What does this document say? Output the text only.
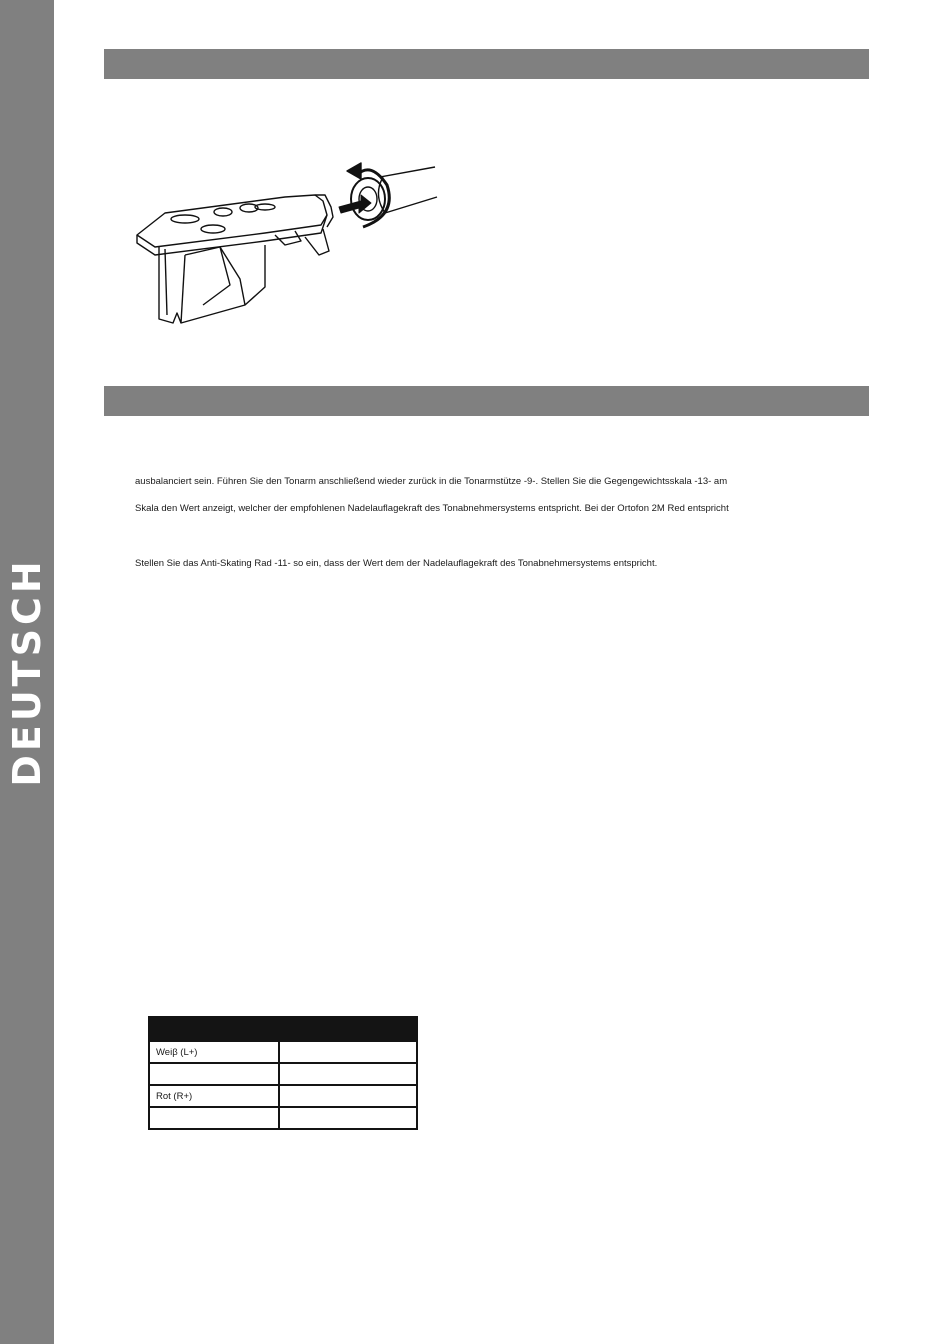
DEUTSCH

ausbalanciert sein. Führen Sie den Tonarm anschließend wieder zurück in die Tonarmstütze -9-. Stellen Sie die Gegengewichtsskala -13- am

Skala den Wert anzeigt, welcher der empfohlenen Nadelauflagekraft des Tonabnehmersystems entspricht. Bei der Ortofon 2M Red entspricht

Stellen Sie das Anti-Skating Rad -11- so ein, dass der Wert dem der Nadelauflagekraft des Tonabnehmersystems entspricht.

Weiβ (L+)	

Rot (R+)	
